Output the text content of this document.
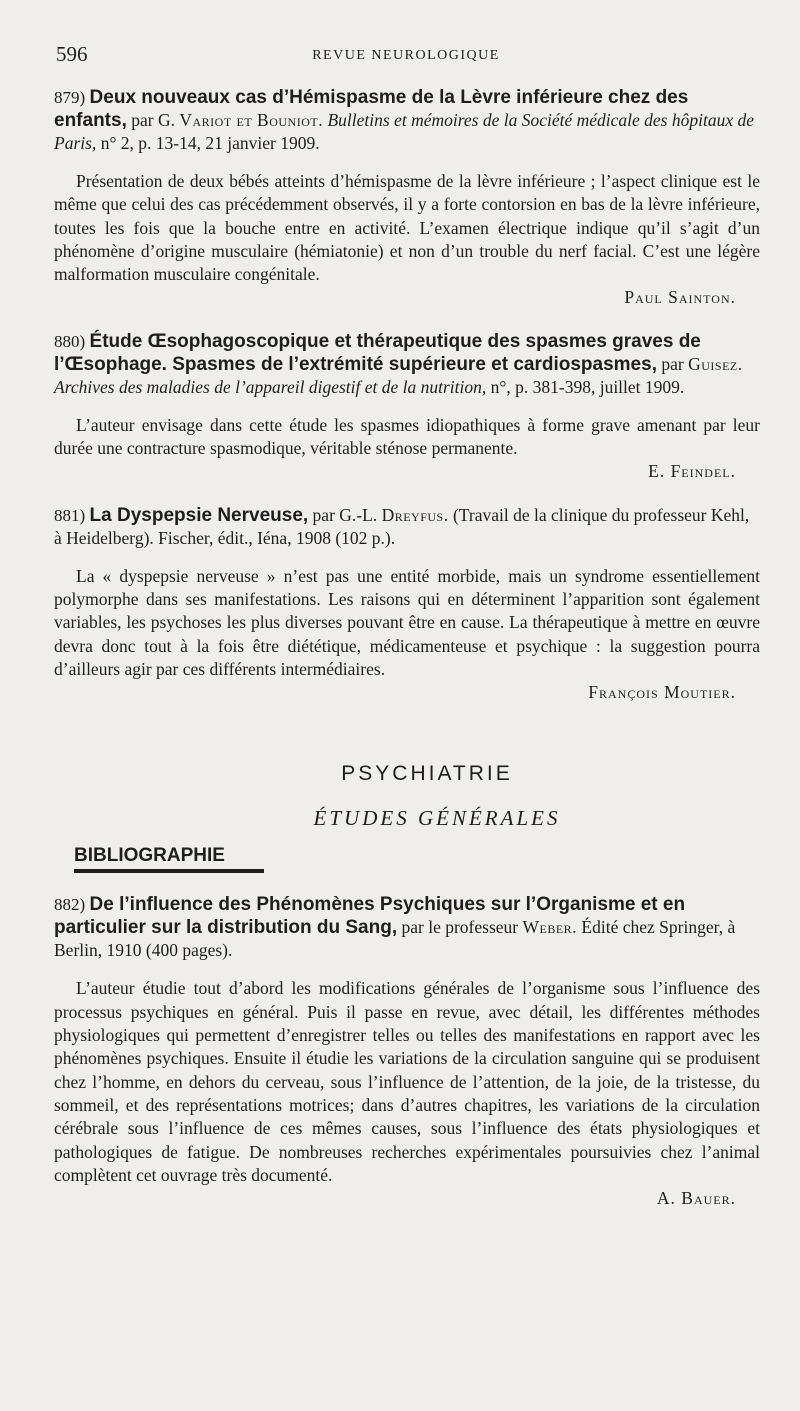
596	REVUE NEUROLOGIQUE

879) Deux nouveaux cas d’Hémispasme de la Lèvre inférieure chez des enfants, par G. Variot et Bouniot. Bulletins et mémoires de la Société médicale des hôpitaux de Paris, n° 2, p. 13-14, 21 janvier 1909.

Présentation de deux bébés atteints d’hémispasme de la lèvre inférieure ; l’aspect clinique est le même que celui des cas précédemment observés, il y a forte contorsion en bas de la lèvre inférieure, toutes les fois que la bouche entre en activité. L’examen électrique indique qu’il s’agit d’un phénomène d’origine musculaire (hémiatonie) et non d’un trouble du nerf facial. C’est une légère malformation musculaire congénitale.

Paul Sainton.

880) Étude Œsophagoscopique et thérapeutique des spasmes graves de l’Œsophage. Spasmes de l’extrémité supérieure et cardiospasmes, par Guisez. Archives des maladies de l’appareil digestif et de la nutrition, n°, p. 381-398, juillet 1909.

L’auteur envisage dans cette étude les spasmes idiopathiques à forme grave amenant par leur durée une contracture spasmodique, véritable sténose permanente.

E. Feindel.

881) La Dyspepsie Nerveuse, par G.-L. Dreyfus. (Travail de la clinique du professeur Kehl, à Heidelberg). Fischer, édit., Iéna, 1908 (102 p.).

La « dyspepsie nerveuse » n’est pas une entité morbide, mais un syndrome essentiellement polymorphe dans ses manifestations. Les raisons qui en déterminent l’apparition sont également variables, les psychoses les plus diverses pouvant être en cause. La thérapeutique à mettre en œuvre devra donc tout à la fois être diététique, médicamenteuse et psychique : la suggestion pourra d’ailleurs agir par ces différents intermédiaires.

François Moutier.

PSYCHIATRIE
ÉTUDES GÉNÉRALES
BIBLIOGRAPHIE

882) De l’influence des Phénomènes Psychiques sur l’Organisme et en particulier sur la distribution du Sang, par le professeur Weber. Édité chez Springer, à Berlin, 1910 (400 pages).

L’auteur étudie tout d’abord les modifications générales de l’organisme sous l’influence des processus psychiques en général. Puis il passe en revue, avec détail, les différentes méthodes physiologiques qui permettent d’enregistrer telles ou telles des manifestations en rapport avec les phénomènes psychiques. Ensuite il étudie les variations de la circulation sanguine qui se produisent chez l’homme, en dehors du cerveau, sous l’influence de l’attention, de la joie, de la tristesse, du sommeil, et des représentations motrices; dans d’autres chapitres, les variations de la circulation cérébrale sous l’influence de ces mêmes causes, sous l’influence des états physiologiques et pathologiques de fatigue. De nombreuses recherches expérimentales poursuivies chez l’animal complètent cet ouvrage très documenté.

A. Bauer.
